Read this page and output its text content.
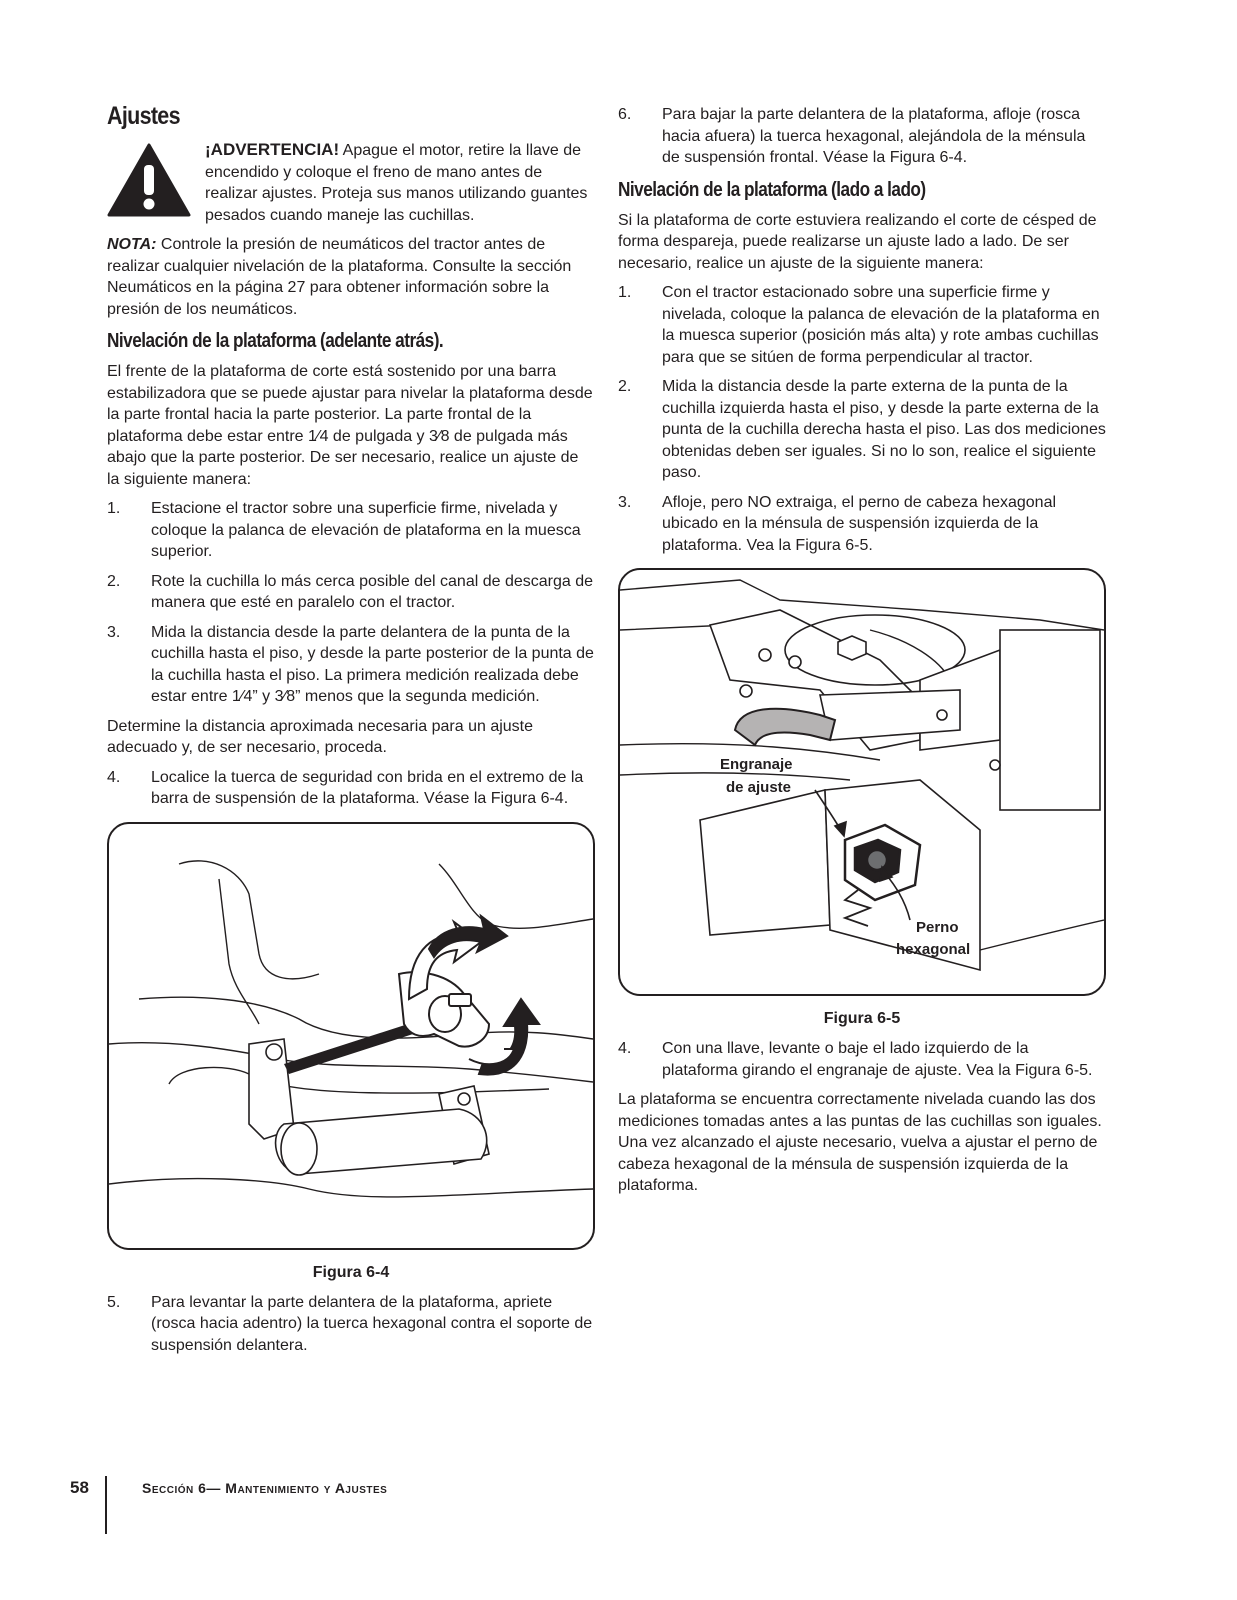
Ajustes

¡ADVERTENCIA! Apague el motor, retire la llave de encendido y coloque el freno de mano antes de realizar ajustes. Proteja sus manos utilizando guantes pesados cuando maneje las cuchillas.

NOTA: Controle la presión de neumáticos del tractor antes de realizar cualquier nivelación de la plataforma. Consulte la sección Neumáticos en la página 27 para obtener información sobre la presión de los neumáticos.

Nivelación de la plataforma (adelante atrás).

El frente de la plataforma de corte está sostenido por una barra estabilizadora que se puede ajustar para nivelar la plataforma desde la parte frontal hacia la parte posterior. La parte frontal de la plataforma debe estar entre 1⁄4 de pulgada y 3⁄8 de pulgada más abajo que la parte posterior. De ser necesario, realice un ajuste de la siguiente manera:

1.	Estacione el tractor sobre una superficie firme, nivelada y coloque la palanca de elevación de plataforma en la muesca superior.
2.	Rote la cuchilla lo más cerca posible del canal de descarga de manera que esté en paralelo con el tractor.
3.	Mida la distancia desde la parte delantera de la punta de la cuchilla hasta el piso, y desde la parte posterior de la punta de la cuchilla hasta el piso. La primera medición realizada debe estar entre 1⁄4” y 3⁄8” menos que la segunda medición.

Determine la distancia aproximada necesaria para un ajuste adecuado y, de ser necesario, proceda.

4.	Localice la tuerca de seguridad con brida en el extremo de la barra de suspensión de la plataforma. Véase la Figura 6-4.
Figura 6-4
5.	Para levantar la parte delantera de la plataforma, apriete (rosca hacia adentro) la tuerca hexagonal contra el soporte de suspensión delantera.
6.	Para bajar la parte delantera de la plataforma, afloje (rosca hacia afuera) la tuerca hexagonal, alejándola de la ménsula de suspensión frontal. Véase la Figura 6-4.
Nivelación de la plataforma (lado a lado)

Si la plataforma de corte estuviera realizando el corte de césped de forma despareja, puede realizarse un ajuste lado a lado. De ser necesario, realice un ajuste de la siguiente manera:

1.	Con el tractor estacionado sobre una superficie firme y nivelada, coloque la palanca de elevación de la plataforma en la muesca superior (posición más alta) y rote ambas cuchillas para que se sitúen de forma perpendicular al tractor.
2.	Mida la distancia desde la parte externa de la punta de la cuchilla izquierda hasta el piso, y desde la parte externa de la punta de la cuchilla derecha hasta el piso. Las dos mediciones obtenidas deben ser iguales. Si no lo son, realice el siguiente paso.
3.	Afloje, pero NO extraiga, el perno de cabeza hexagonal ubicado en la ménsula de suspensión izquierda de la plataforma. Vea la Figura 6-5.
Engranaje
de ajuste
Perno
hexagonal
Figura 6-5
4.	Con una llave, levante o baje el lado izquierdo de la plataforma girando el engranaje de ajuste. Vea la Figura 6-5.

La plataforma se encuentra correctamente nivelada cuando las dos mediciones tomadas antes a las puntas de las cuchillas son iguales. Una vez alcanzado el ajuste necesario, vuelva a ajustar el perno de cabeza hexagonal de la ménsula de suspensión izquierda de la plataforma.

58	Sección 6— Mantenimiento y Ajustes
